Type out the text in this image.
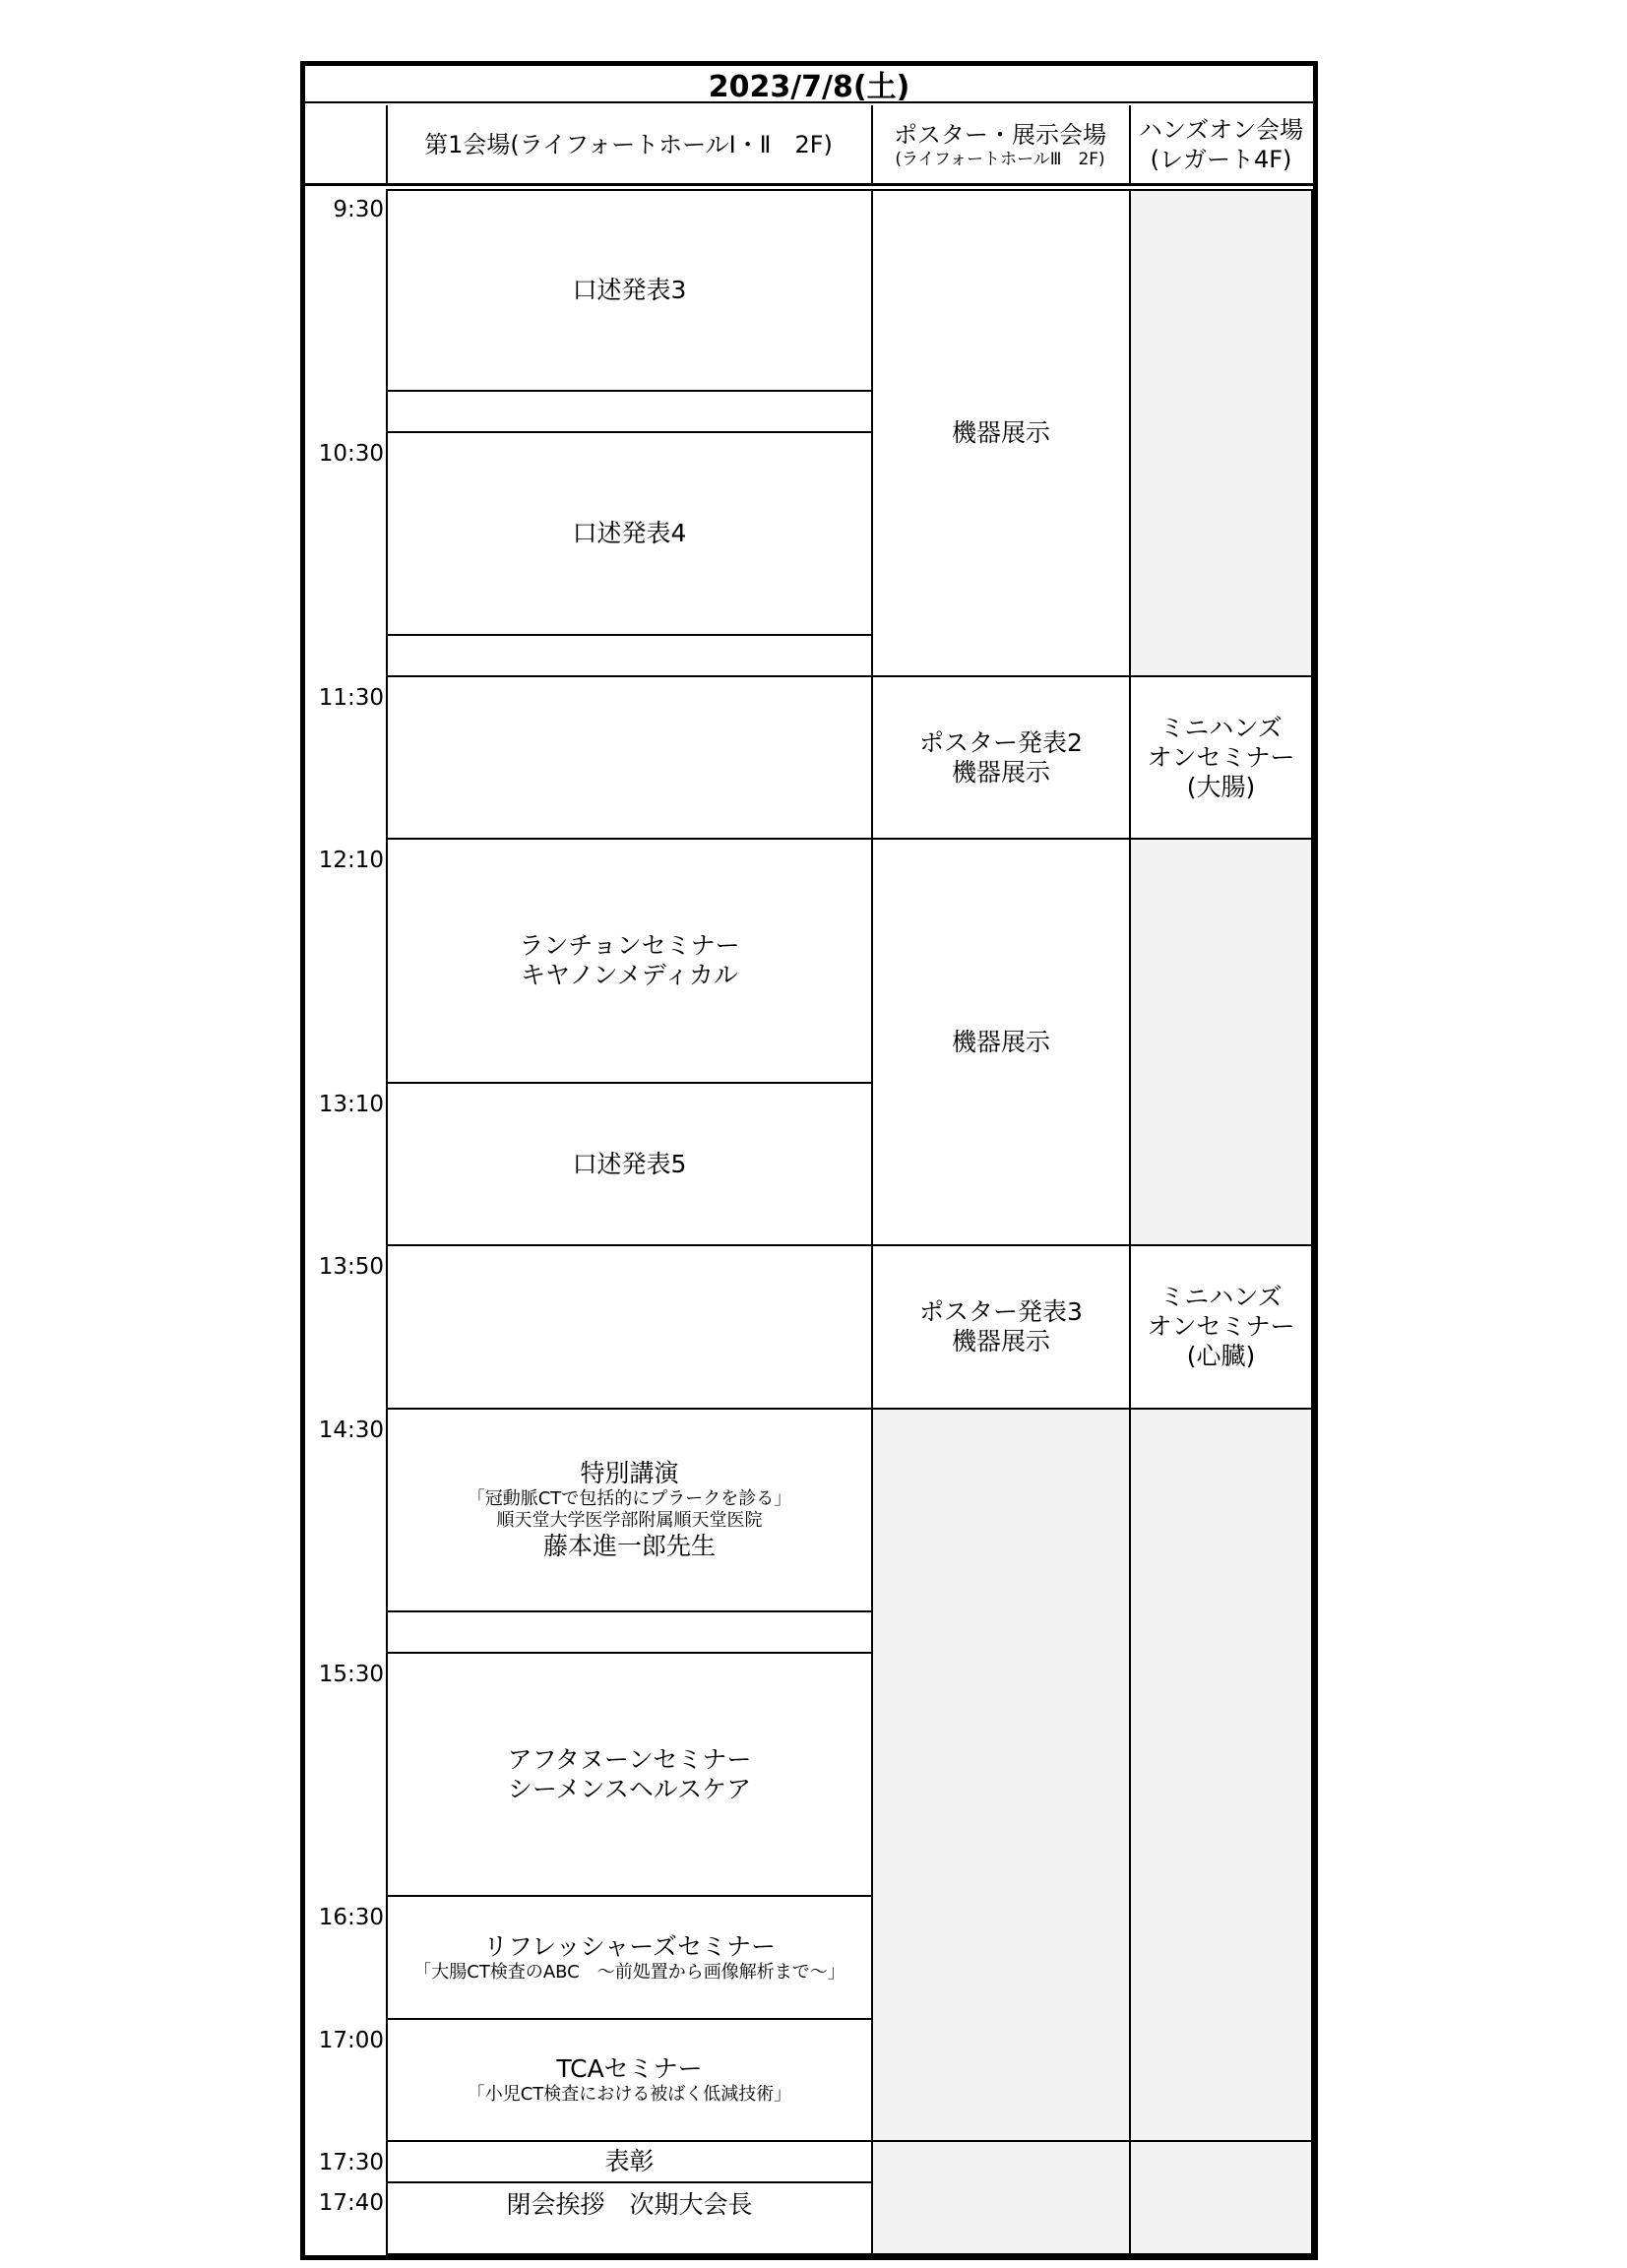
2023/7/8(土)
第1会場(ライフォートホールⅠ・Ⅱ　2F)	ポスター・展示会場
(ライフォートホールⅢ　2F)
ハンズオン会場
(レガート4F)
9:30
10:30
11:30
12:10
13:10
13:50
14:30
15:30
16:30
17:00
17:30
17:40
口述発表3
口述発表4
ランチョンセミナー
キヤノンメディカル
口述発表5
特別講演
「冠動脈CTで包括的にプラークを診る」
順天堂大学医学部附属順天堂医院
藤本進一郎先生
アフタヌーンセミナー
シーメンスヘルスケア
リフレッシャーズセミナー
「大腸CT検査のABC　～前処置から画像解析まで～」
TCAセミナー
「小児CT検査における被ばく低減技術」
表彰
閉会挨拶　次期大会長
機器展示
ポスター発表2
機器展示
機器展示
ポスター発表3
機器展示
ミニハンズ
オンセミナー
(大腸)
ミニハンズ
オンセミナー
(心臓)
